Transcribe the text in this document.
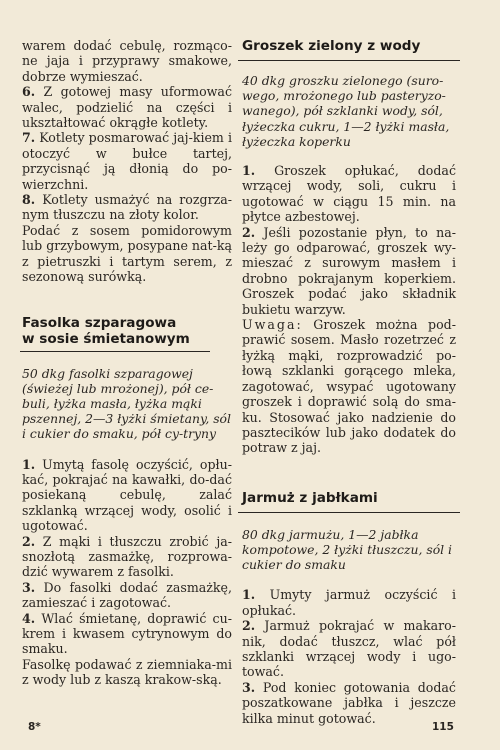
warem dodać cebulę, rozmąco-ne jaja i przyprawy smakowe, dobrze wymieszać.

6. Z gotowej masy uformować walec, podzielić na części i ukształtować okrągłe kotlety.

7. Kotlety posmarować jaj-kiem i otoczyć w bułce tartej, przycisnąć ją dłonią do po-wierzchni.

8. Kotlety usmażyć na rozgrza-nym tłuszczu na złoty kolor.

Podać z sosem pomidorowym lub grzybowym, posypane nat-ką z pietruszki i tartym serem, z sezonową surówką.

Fasolka szparagowa
w sosie śmietanowym

50 dkg fasolki szparagowej (świeżej lub mrożonej), pół ce-buli, łyżka masła, łyżka mąki pszennej, 2—3 łyżki śmietany, sól i cukier do smaku, pół cy-tryny

1. Umytą fasolę oczyścić, opłu-kać, pokrajać na kawałki, do-dać posiekaną cebulę, zalać szklanką wrzącej wody, osolić i ugotować.

2. Z mąki i tłuszczu zrobić ja-snozłotą zasmażkę, rozprowa-dzić wywarem z fasolki.

3. Do fasolki dodać zasmażkę, zamieszać i zagotować.

4. Wlać śmietanę, doprawić cu-krem i kwasem cytrynowym do smaku.

Fasolkę podawać z ziemniaka-mi z wody lub z kaszą krakow-ską.

Groszek zielony z wody

40 dkg groszku zielonego (suro-wego, mrożonego lub pasteryzo-wanego), pół szklanki wody, sól, łyżeczka cukru, 1—2 łyżki masła, łyżeczka koperku

1. Groszek opłukać, dodać wrzącej wody, soli, cukru i ugotować w ciągu 15 min. na płytce azbestowej.

2. Jeśli pozostanie płyn, to na-leży go odparować, groszek wy-mieszać z surowym masłem i drobno pokrajanym koperkiem. Groszek podać jako składnik bukietu warzyw.

Uwaga: Groszek można pod-prawić sosem. Masło rozetrzeć z łyżką mąki, rozprowadzić po-łową szklanki gorącego mleka, zagotować, wsypać ugotowany groszek i doprawić solą do sma-ku. Stosować jako nadzienie do pasztecików lub jako dodatek do potraw z jaj.

Jarmuż z jabłkami

80 dkg jarmużu, 1—2 jabłka kompotowe, 2 łyżki tłuszczu, sól i cukier do smaku

1. Umyty jarmuż oczyścić i opłukać.

2. Jarmuż pokrajać w makaro-nik, dodać tłuszcz, wlać pół szklanki wrzącej wody i ugo-tować.

3. Pod koniec gotowania dodać poszatkowane jabłka i jeszcze kilka minut gotować.

8*	115
